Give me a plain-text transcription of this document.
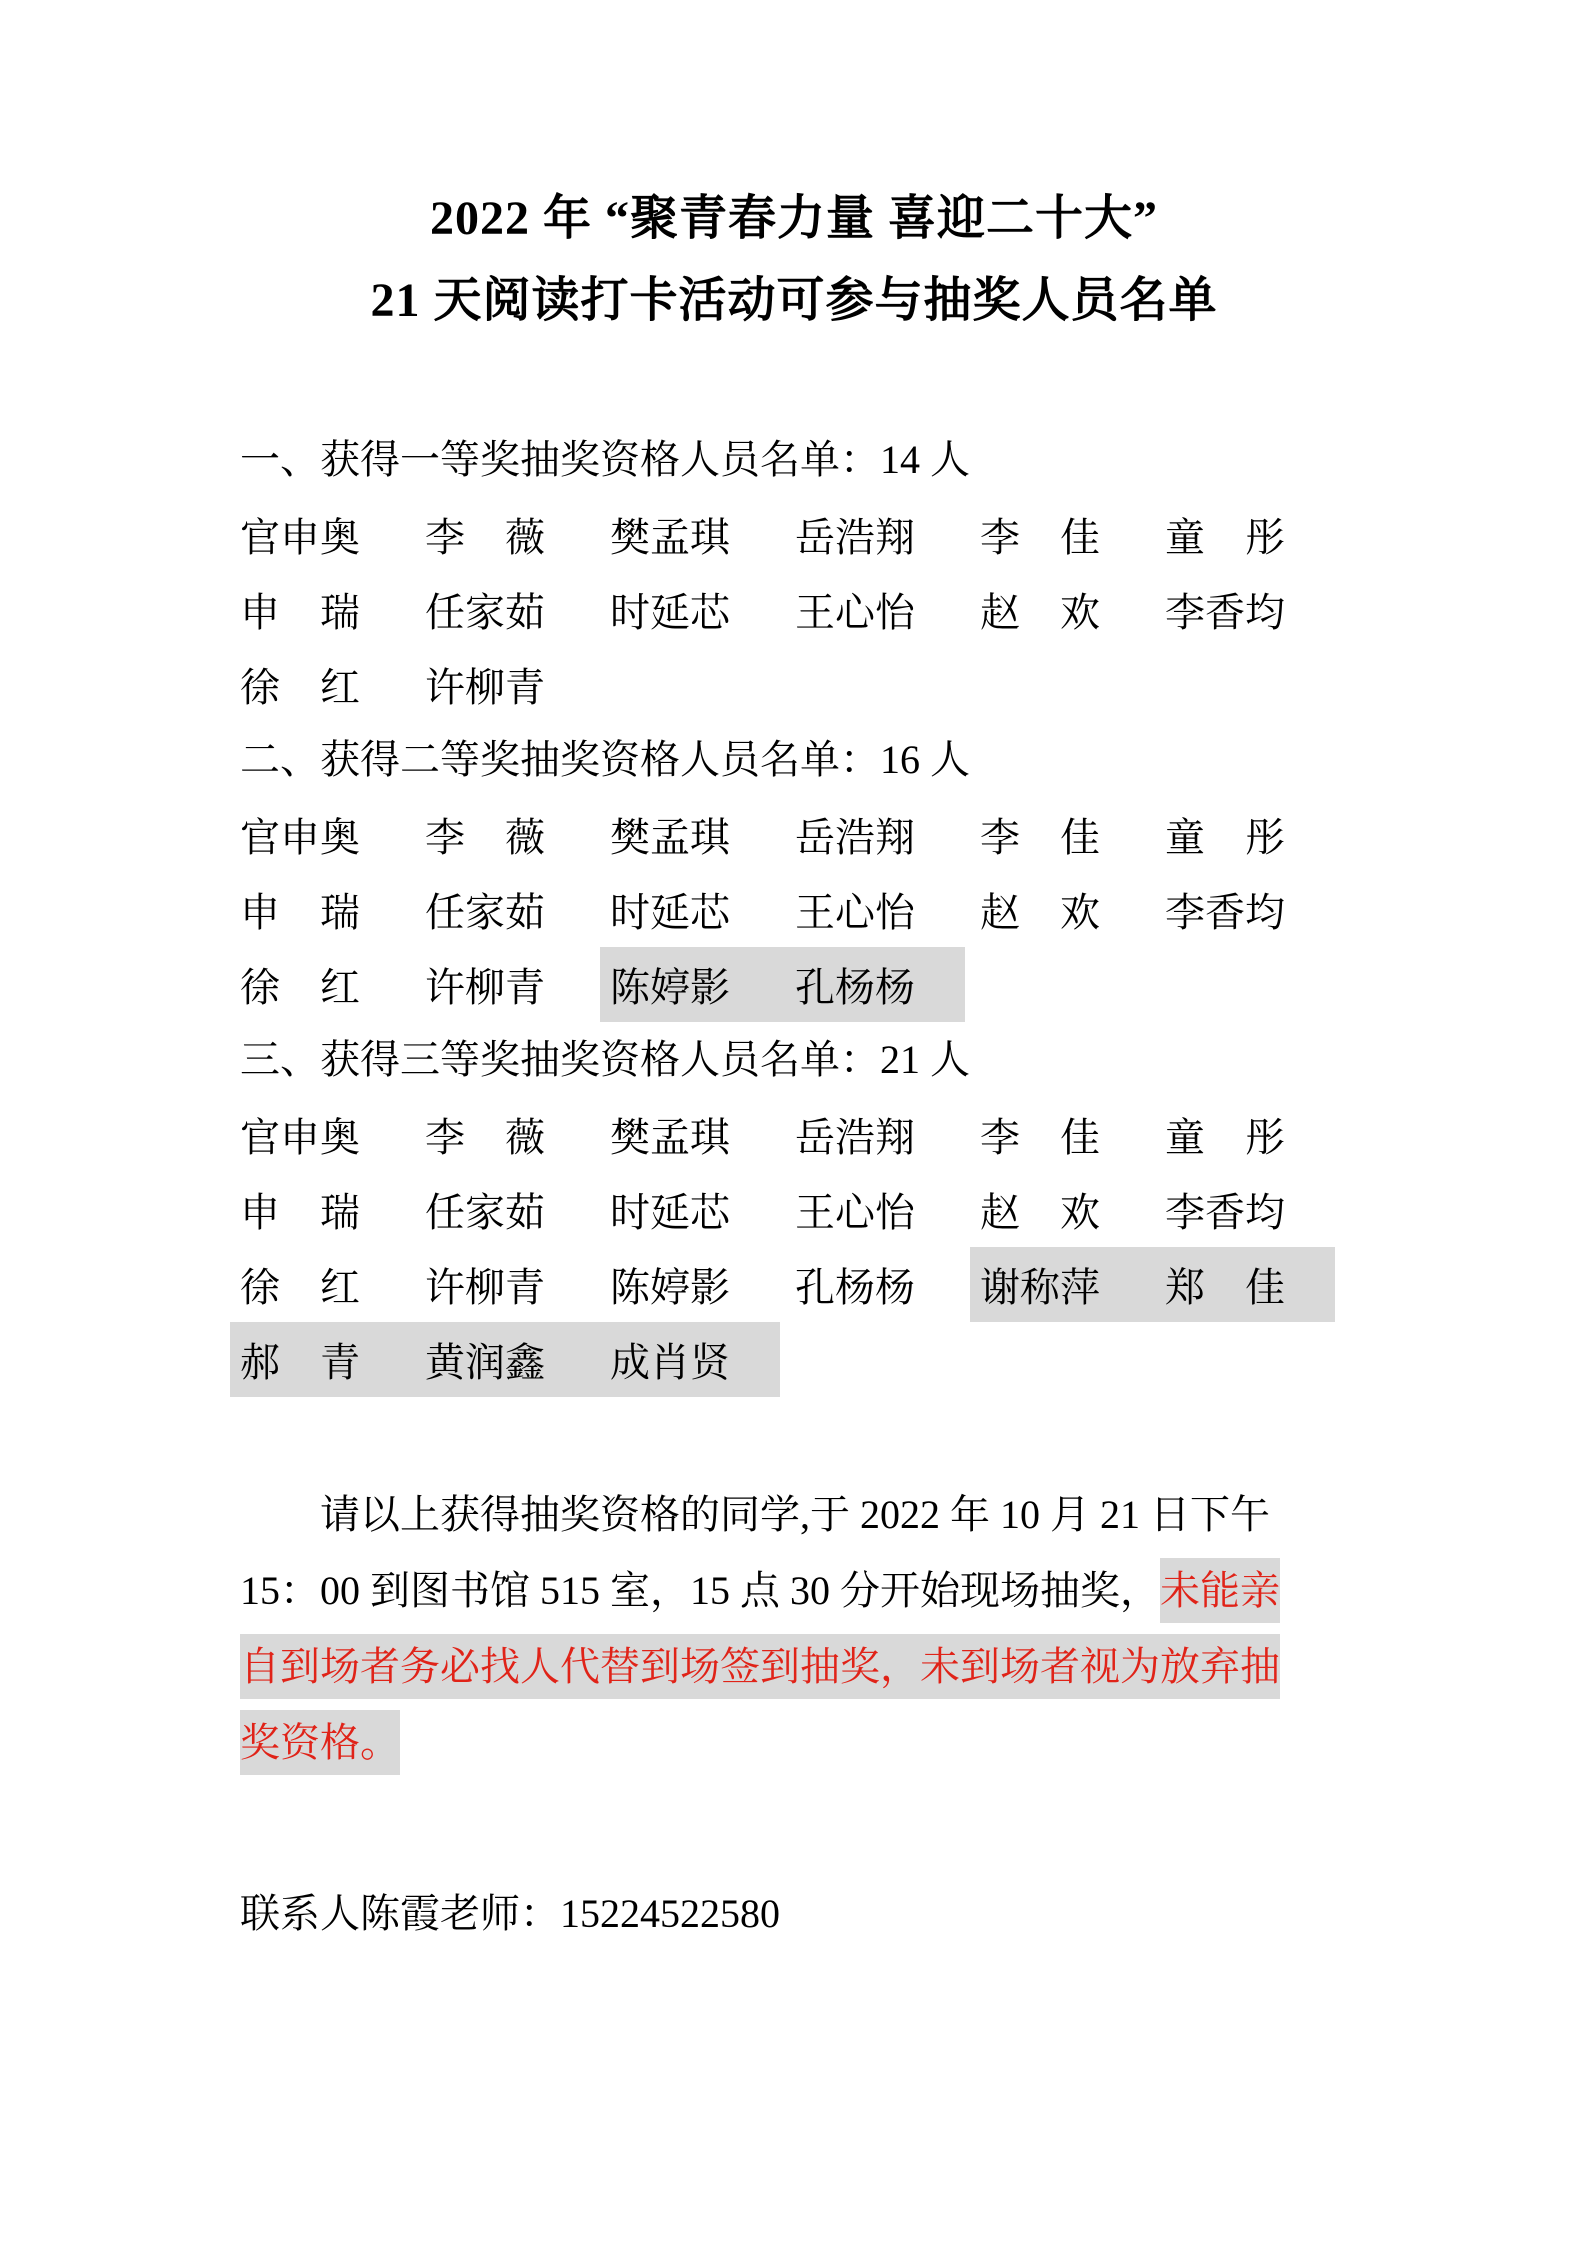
2022 年 “聚青春力量 喜迎二十大”
21 天阅读打卡活动可参与抽奖人员名单
一、获得一等奖抽奖资格人员名单：14 人
官申奥 李　薇 樊孟琪 岳浩翔 李　佳 童　彤
申　瑞 任家茹 时延芯 王心怡 赵　欢 李香均
徐　红 许柳青
二、获得二等奖抽奖资格人员名单：16 人
官申奥 李　薇 樊孟琪 岳浩翔 李　佳 童　彤
申　瑞 任家茹 时延芯 王心怡 赵　欢 李香均
徐　红 许柳青 陈婷影 孔杨杨
三、获得三等奖抽奖资格人员名单：21 人
官申奥 李　薇 樊孟琪 岳浩翔 李　佳 童　彤
申　瑞 任家茹 时延芯 王心怡 赵　欢 李香均
徐　红 许柳青 陈婷影 孔杨杨 谢称萍 郑　佳
郝　青 黄润鑫 成肖贤
　　请以上获得抽奖资格的同学,于 2022 年 10 月 21 日下午
15：00 到图书馆 515 室，15 点 30 分开始现场抽奖，未能亲
自到场者务必找人代替到场签到抽奖，未到场者视为放弃抽
奖资格。
联系人陈霞老师：15224522580
